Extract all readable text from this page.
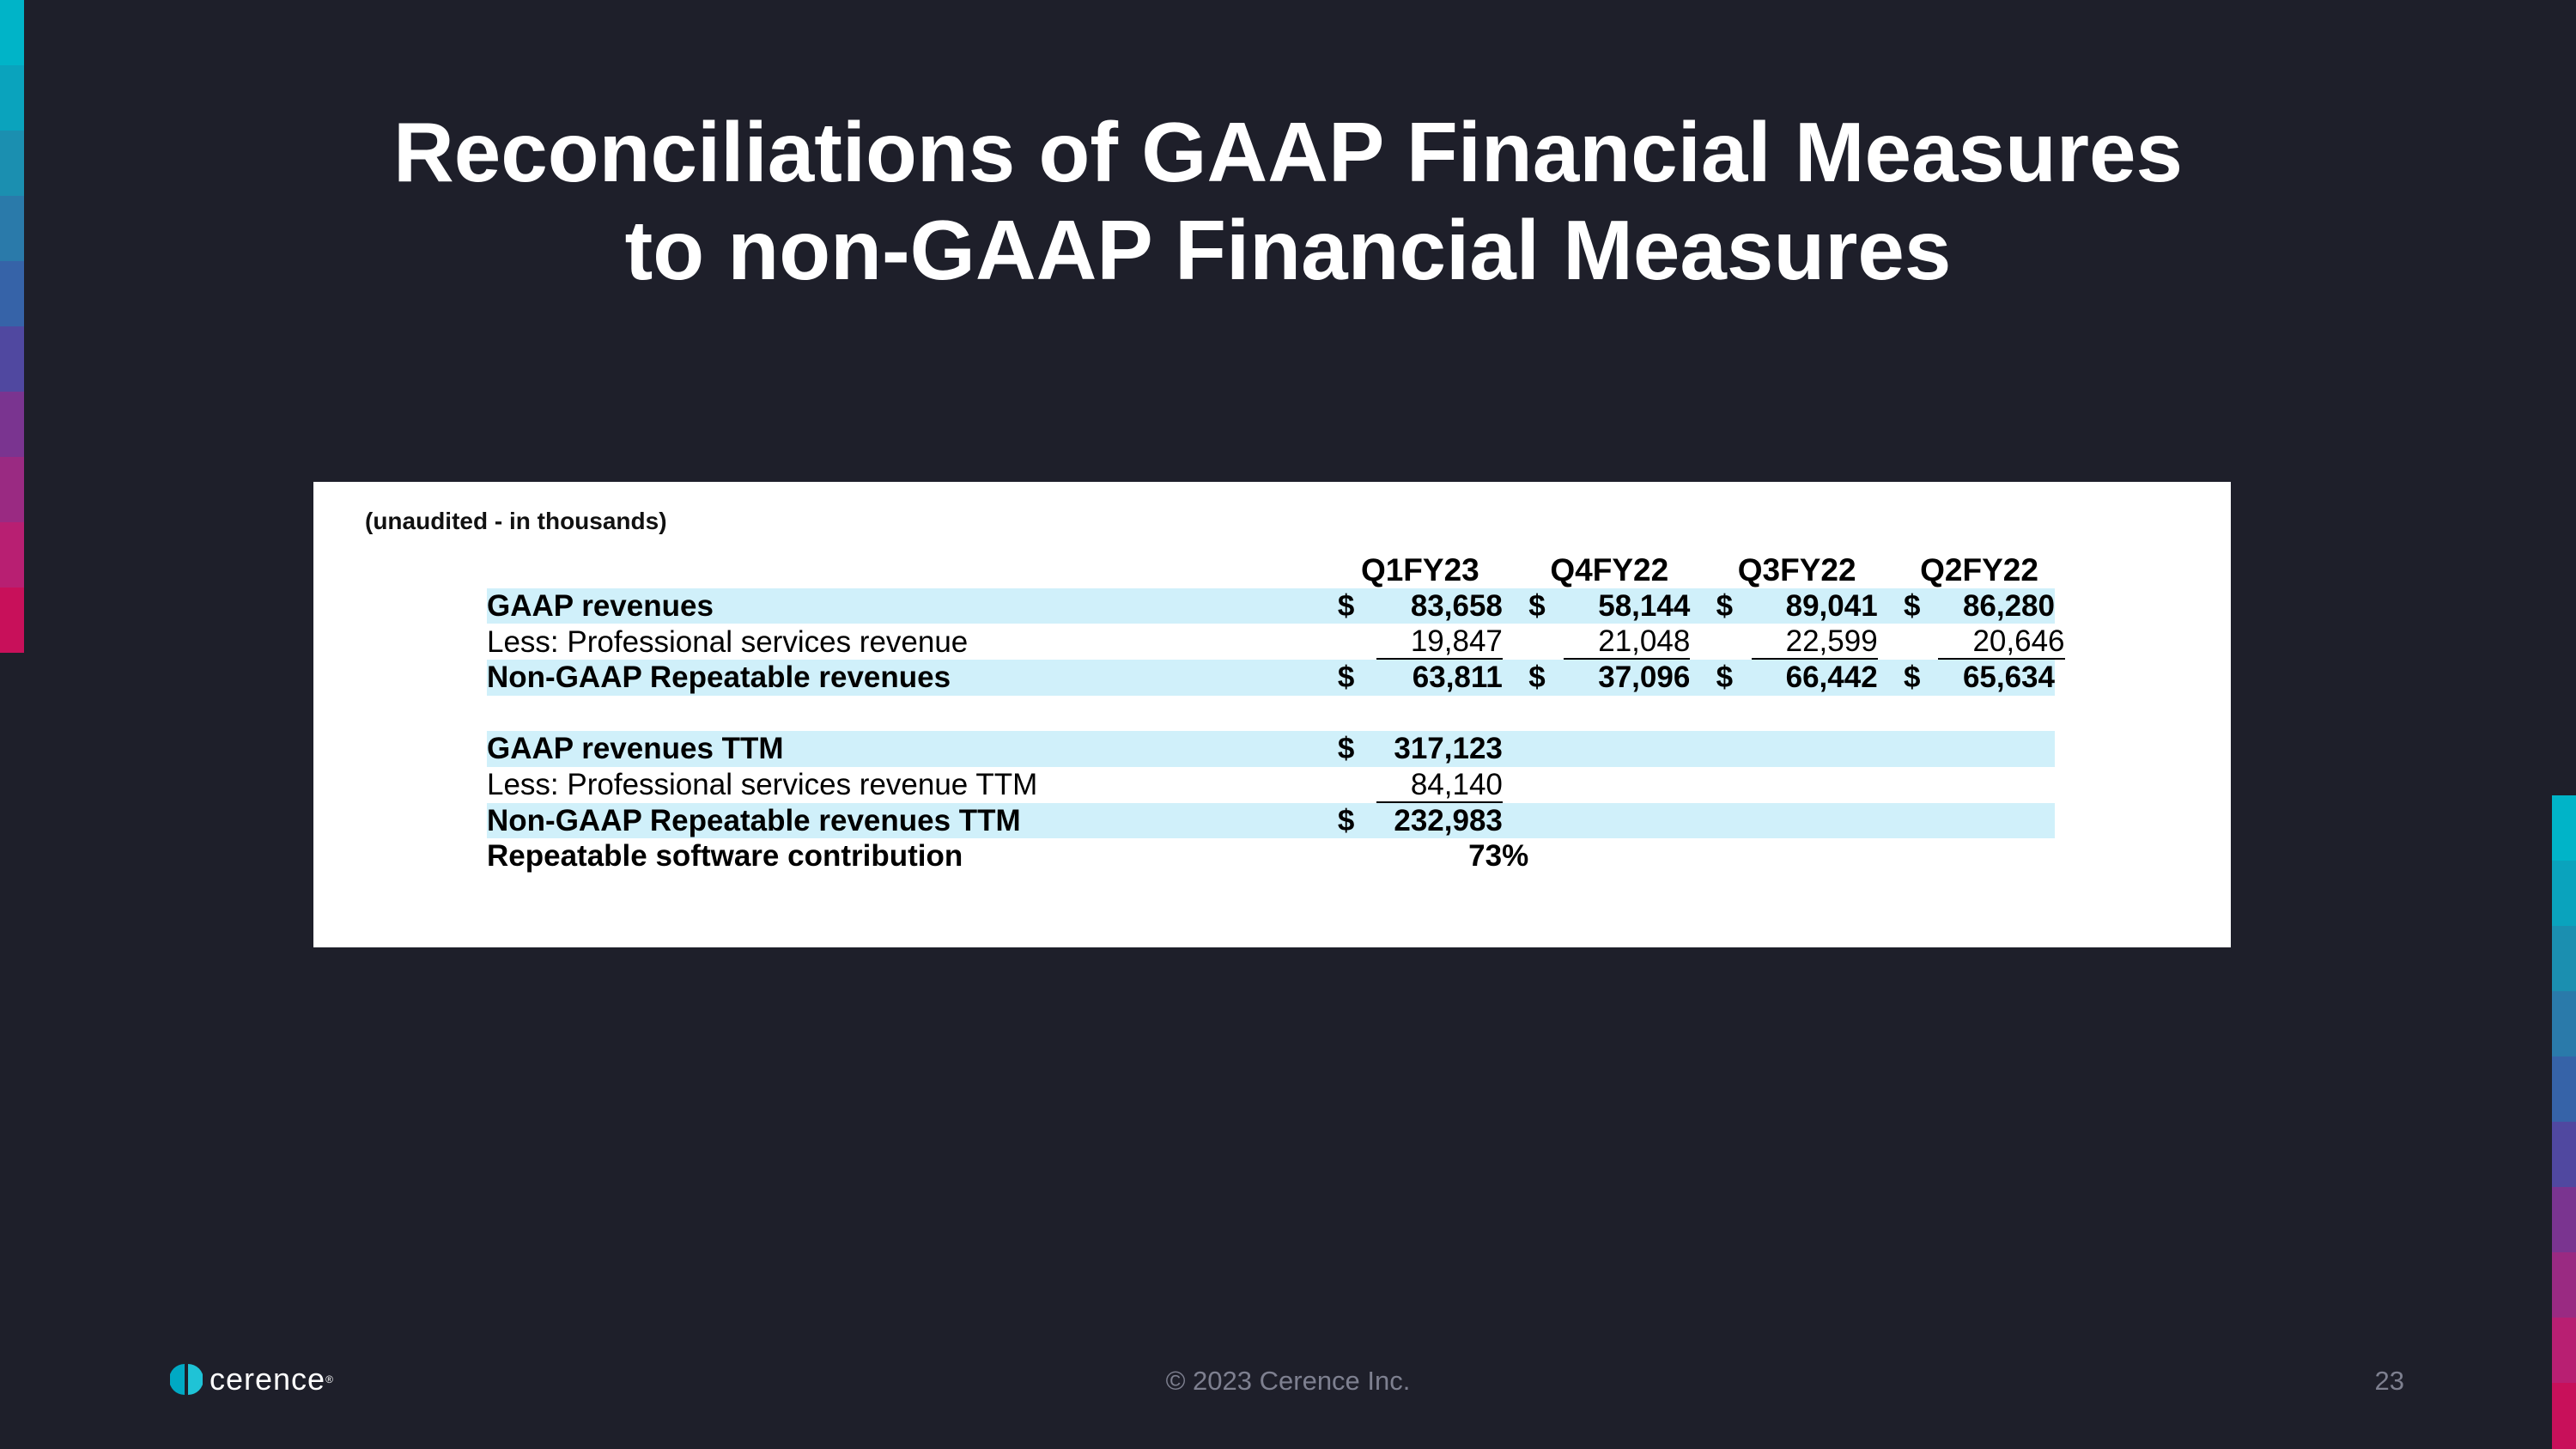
Reconciliations of GAAP Financial Measures
to non-GAAP Financial Measures
(unaudited - in thousands)
	Q1FY23			Q4FY22			Q3FY22			Q2FY22	
GAAP revenues	$	83,658		$	58,144		$	89,041		$	86,280
Less: Professional services revenue		19,847			21,048			22,599			20,646
Non-GAAP Repeatable revenues	$	63,811		$	37,096		$	66,442		$	65,634

GAAP revenues TTM	$	317,123									
Less: Professional services revenue TTM		84,140									
Non-GAAP Repeatable revenues TTM	$	232,983									
Repeatable software contribution		73%									
cerence ®	© 2023 Cerence Inc.	23
